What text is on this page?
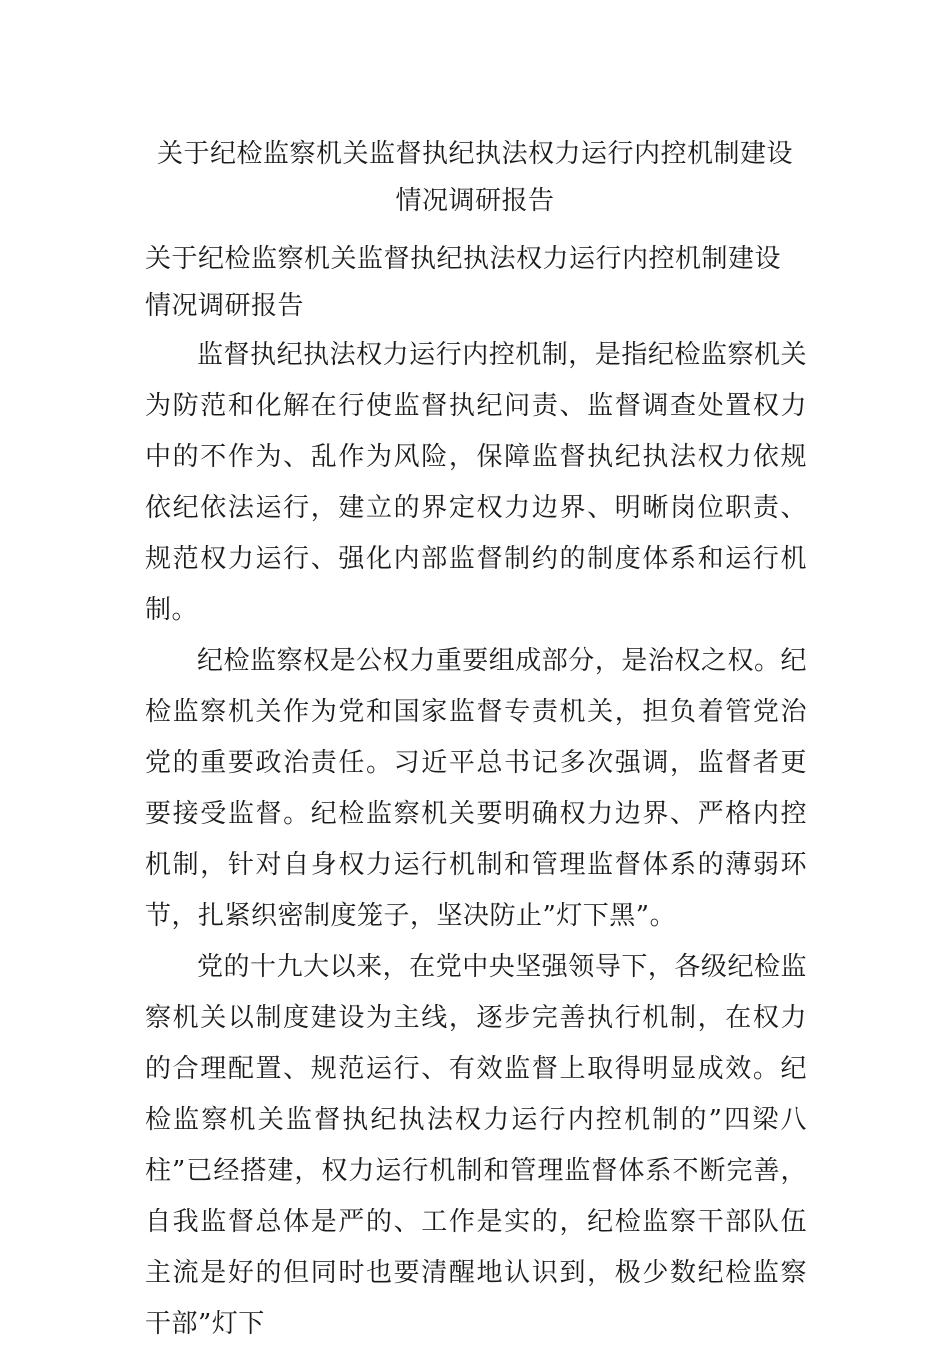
关于纪检监察机关监督执纪执法权力运行内控机制建设情况调研报告
关于纪检监察机关监督执纪执法权力运行内控机制建设情况调研报告

监督执纪执法权力运行内控机制，是指纪检监察机关为防范和化解在行使监督执纪问责、监督调查处置权力中的不作为、乱作为风险，保障监督执纪执法权力依规依纪依法运行，建立的界定权力边界、明晰岗位职责、规范权力运行、强化内部监督制约的制度体系和运行机制。

纪检监察权是公权力重要组成部分，是治权之权。纪检监察机关作为党和国家监督专责机关，担负着管党治党的重要政治责任。习近平总书记多次强调，监督者更要接受监督。纪检监察机关要明确权力边界、严格内控机制，针对自身权力运行机制和管理监督体系的薄弱环节，扎紧织密制度笼子，坚决防止”灯下黑”。

党的十九大以来，在党中央坚强领导下，各级纪检监察机关以制度建设为主线，逐步完善执行机制，在权力的合理配置、规范运行、有效监督上取得明显成效。纪检监察机关监督执纪执法权力运行内控机制的”四梁八柱”已经搭建，权力运行机制和管理监督体系不断完善，自我监督总体是严的、工作是实的，纪检监察干部队伍主流是好的但同时也要清醒地认识到，极少数纪检监察干部”灯下
